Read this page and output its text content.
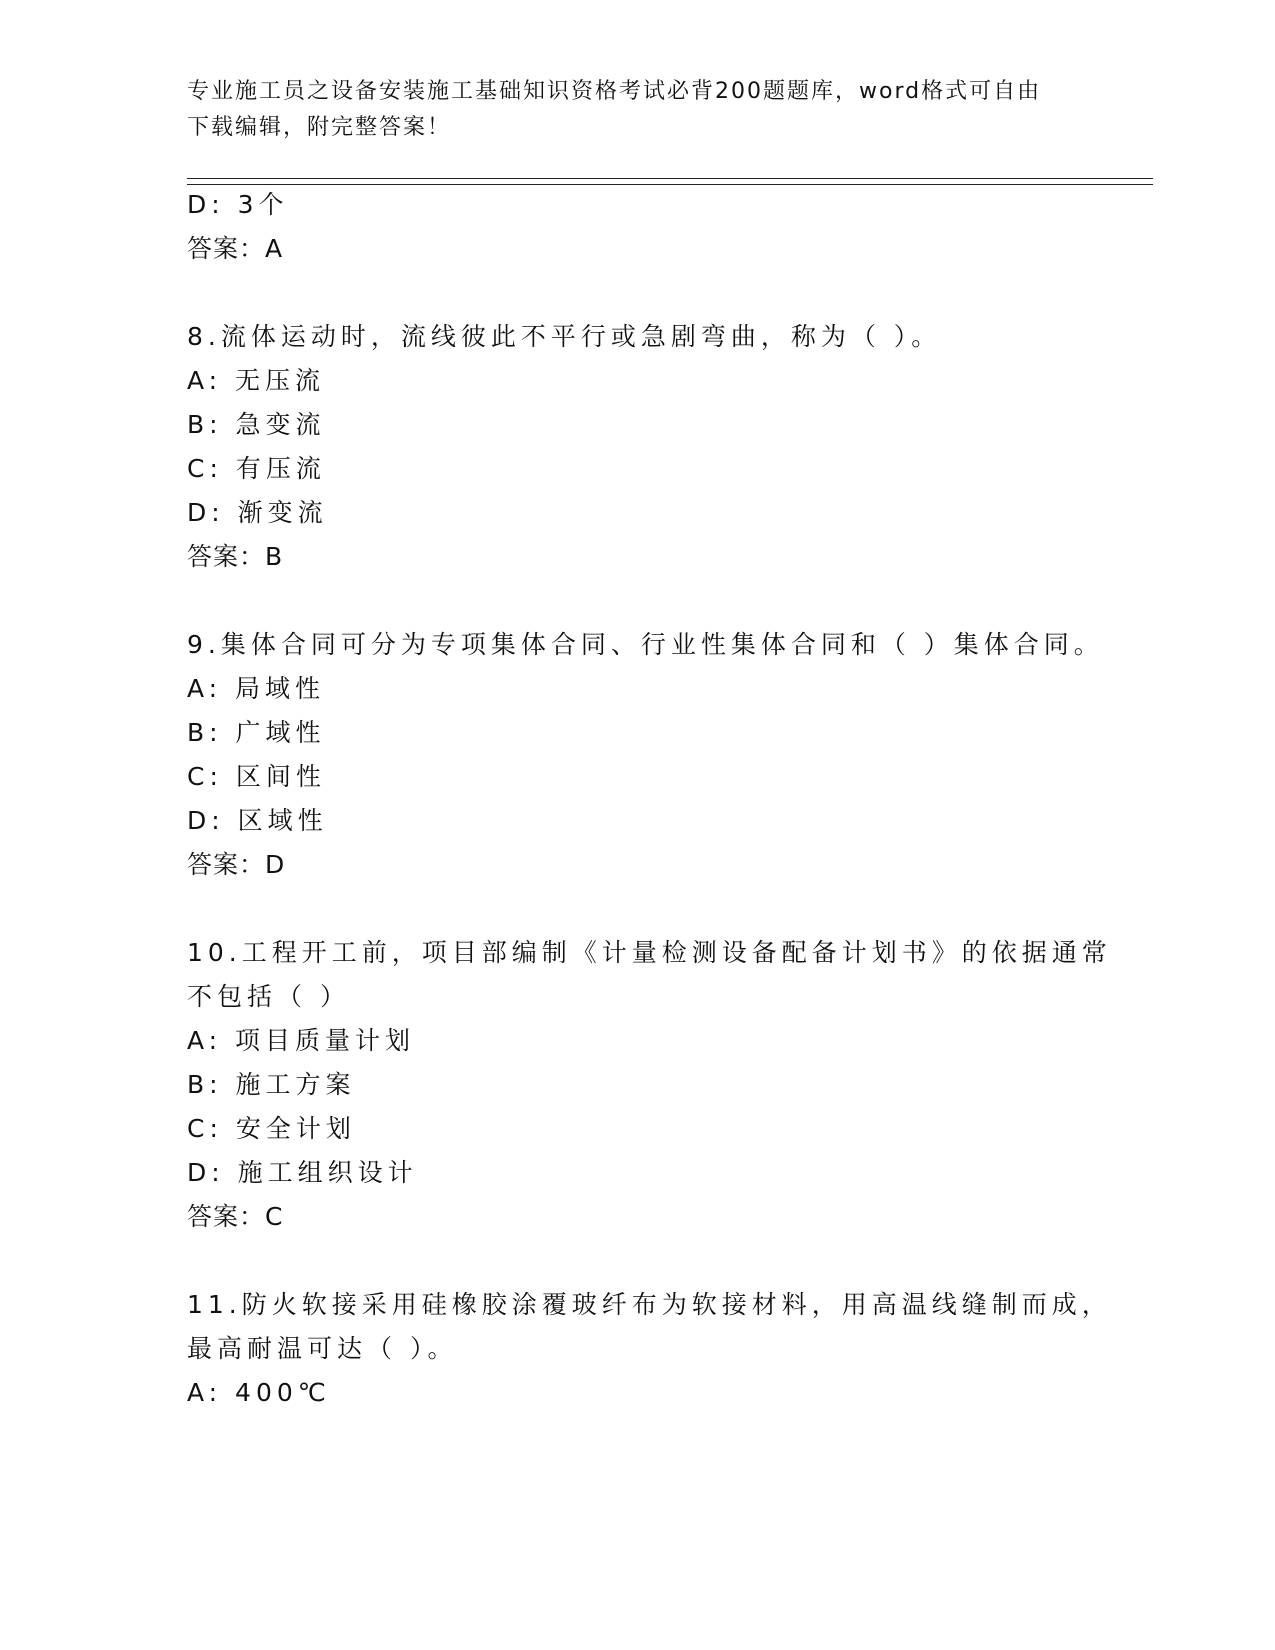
专业施工员之设备安装施工基础知识资格考试必背200题题库，word格式可自由
下载编辑，附完整答案！
D: 3个
答案：A
8.流体运动时，流线彼此不平行或急剧弯曲，称为（ ）。
A: 无压流
B: 急变流
C: 有压流
D: 渐变流
答案：B
9.集体合同可分为专项集体合同、行业性集体合同和（ ）集体合同。
A: 局域性
B: 广域性
C: 区间性
D: 区域性
答案：D
10.工程开工前，项目部编制《计量检测设备配备计划书》的依据通常
不包括（ ）
A: 项目质量计划
B: 施工方案
C: 安全计划
D: 施工组织设计
答案：C
11.防火软接采用硅橡胶涂覆玻纤布为软接材料，用高温线缝制而成，
最高耐温可达（ ）。
A: 400℃
